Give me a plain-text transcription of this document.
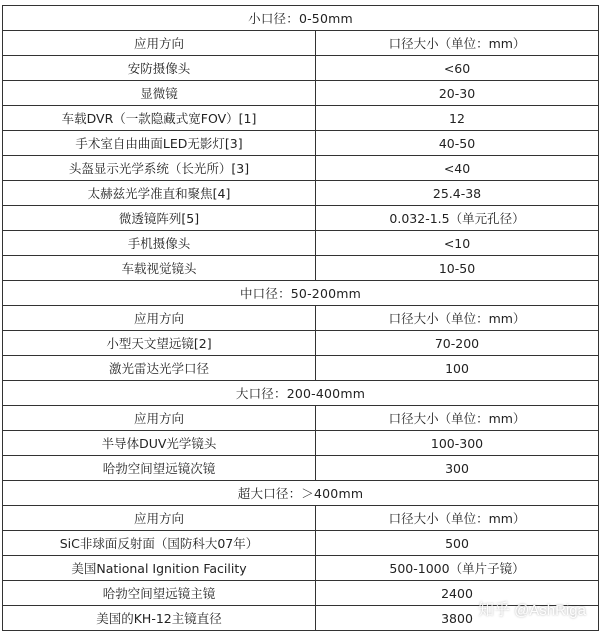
小口径：0-50mm	
应用方向	口径大小（单位：mm）
安防摄像头	<60
显微镜	20-30
车载DVR（一款隐藏式宽FOV）[1]	12
手术室自由曲面LED无影灯[3]	40-50
头盔显示光学系统（长光所）[3]	<40
太赫兹光学准直和聚焦[4]	25.4-38
微透镜阵列[5]	0.032-1.5（单元孔径）
手机摄像头	<10
车载视觉镜头	10-50
中口径：50-200mm	
应用方向	口径大小（单位：mm）
小型天文望远镜[2]	70-200
激光雷达光学口径	100
大口径：200-400mm	
应用方向	口径大小（单位：mm）
半导体DUV光学镜头	100-300
哈勃空间望远镜次镜	300
超大口径：＞400mm	
应用方向	口径大小（单位：mm）
SiC非球面反射面（国防科大07年）	500
美国National Ignition Facility	500-1000（单片子镜）
哈勃空间望远镜主镜	2400
美国的KH-12主镜直径	3800 知乎 @AshRiga
